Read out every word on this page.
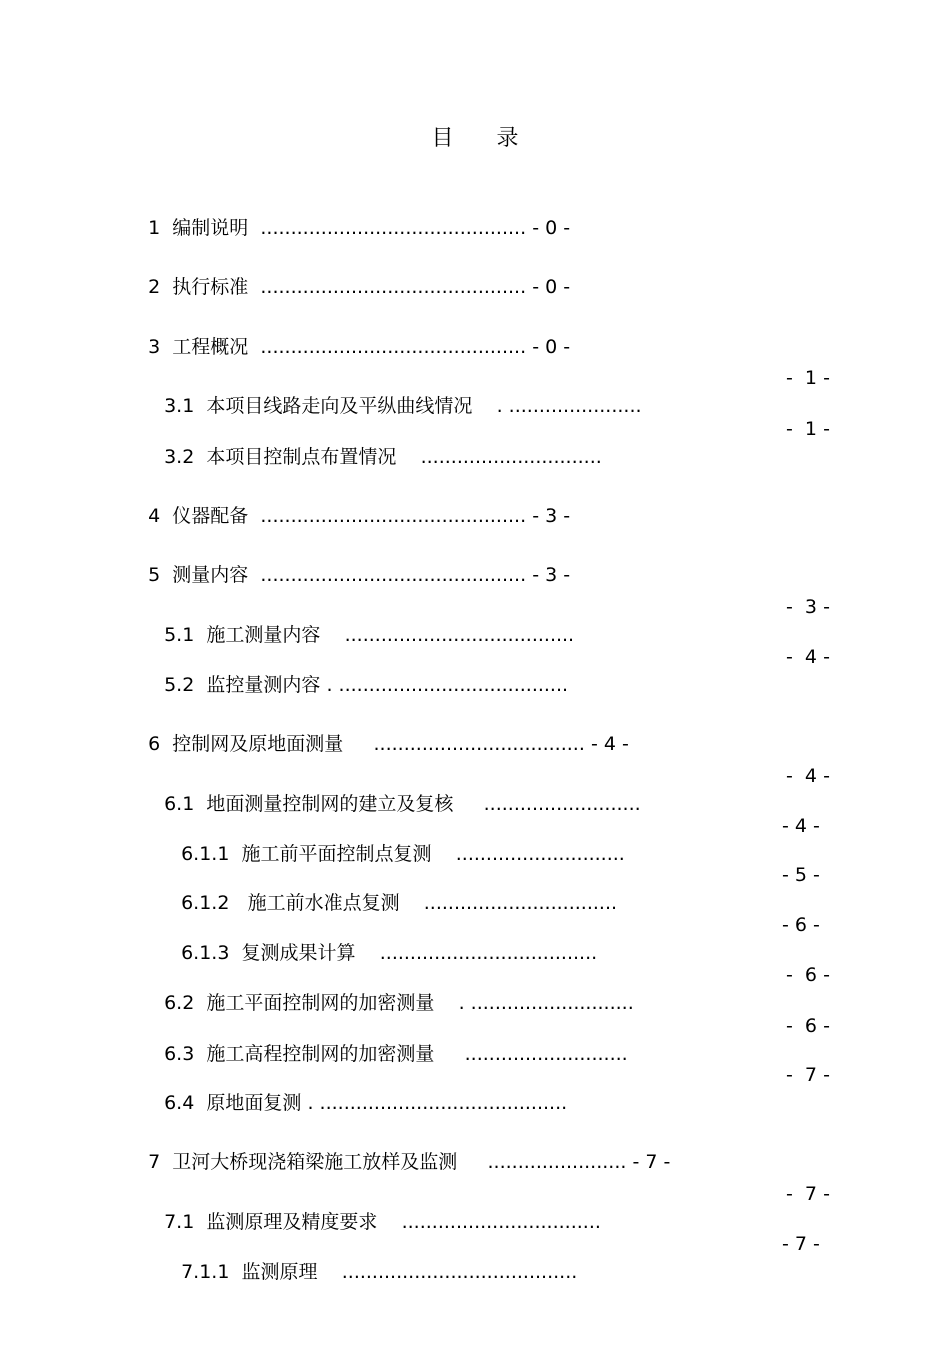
目 录

1 编制说明 ............................................ - 0 -

2 执行标准 ............................................ - 0 -

3 工程概况 ............................................ - 0 -

3.1 本项目线路走向及平纵曲线情况 . ......................

-  1 -

3.2 本项目控制点布置情况 ..............................

-  1 -

4 仪器配备 ............................................ - 3 -

5 测量内容 ............................................ - 3 -

5.1 施工测量内容 ......................................

-  3 -

5.2 监控量测内容 . ......................................

-  4 -

6 控制网及原地面测量 ................................... - 4 -

6.1 地面测量控制网的建立及复核 ..........................

-  4 -

6.1.1 施工前平面控制点复测 ............................

- 4 -

6.1.2 施工前水准点复测 ................................

- 5 -

6.1.3 复测成果计算 ....................................

- 6 -

6.2 施工平面控制网的加密测量 . ...........................

-  6 -

6.3 施工高程控制网的加密测量 ...........................

-  6 -

6.4 原地面复测 . .........................................

-  7 -

7 卫河大桥现浇箱梁施工放样及监测 ....................... - 7 -

7.1 监测原理及精度要求 .................................

-  7 -

7.1.1 监测原理 .......................................

- 7 -
